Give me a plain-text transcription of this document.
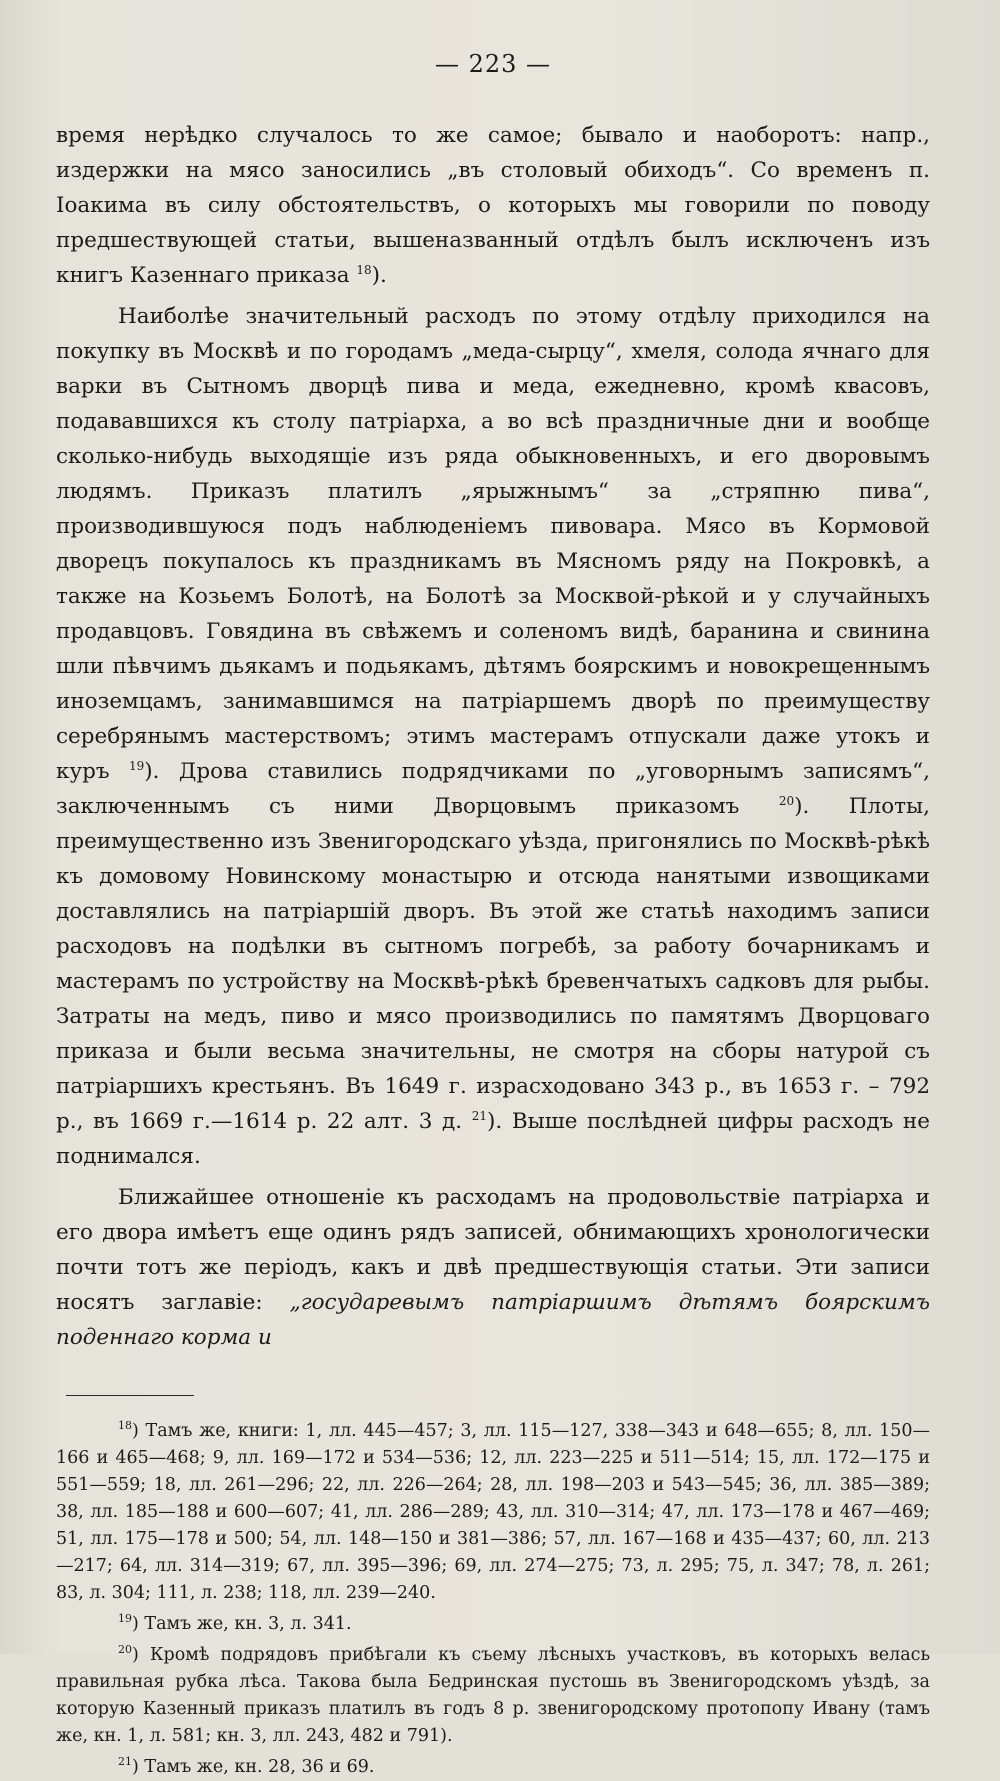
— 223 —

время нерѣдко случалось то же самое; бывало и наоборотъ: напр., издержки на мясо заносились „въ столовый обиходъ“. Со временъ п. Іоакима въ силу обстоятельствъ, о которыхъ мы говорили по поводу предшествующей статьи, вышеназванный отдѣлъ былъ исключенъ изъ книгъ Казеннаго приказа $^{18}$).

Наиболѣе значительный расходъ по этому отдѣлу приходился на покупку въ Москвѣ и по городамъ „меда-сырцу“, хмеля, солода ячнаго для варки въ Сытномъ дворцѣ пива и меда, ежедневно, кромѣ квасовъ, подававшихся къ столу патріарха, а во всѣ праздничные дни и вообще сколько-нибудь выходящіе изъ ряда обыкновенныхъ, и его дворовымъ людямъ. Приказъ платилъ „ярыжнымъ“ за „стряпню пива“, производившуюся подъ наблюденіемъ пивовара. Мясо въ Кормовой дворецъ покупалось къ праздникамъ въ Мясномъ ряду на Покровкѣ, а также на Козьемъ Болотѣ, на Болотѣ за Москвой-рѣкой и у случайныхъ продавцовъ. Говядина въ свѣжемъ и соленомъ видѣ, баранина и свинина шли пѣвчимъ дьякамъ и подьякамъ, дѣтямъ боярскимъ и новокрещеннымъ иноземцамъ, занимавшимся на патріаршемъ дворѣ по преимуществу серебрянымъ мастерствомъ; этимъ мастерамъ отпускали даже утокъ и куръ $^{19}$). Дрова ставились подрядчиками по „уговорнымъ записямъ“, заключеннымъ съ ними Дворцовымъ приказомъ $^{20}$). Плоты, преимущественно изъ Звенигородскаго уѣзда, пригонялись по Москвѣ-рѣкѣ къ домовому Новинскому монастырю и отсюда нанятыми извощиками доставлялись на патріаршій дворъ. Въ этой же статьѣ находимъ записи расходовъ на подѣлки въ сытномъ погребѣ, за работу бочарникамъ и мастерамъ по устройству на Москвѣ-рѣкѣ бревенчатыхъ садковъ для рыбы. Затраты на медъ, пиво и мясо производились по памятямъ Дворцоваго приказа и были весьма значительны, не смотря на сборы натурой съ патріаршихъ крестьянъ. Въ 1649 г. израсходовано 343 р., въ 1653 г. – 792 р., въ 1669 г.—1614 р. 22 алт. 3 д. $^{21}$). Выше послѣдней цифры расходъ не поднимался.

Ближайшее отношеніе къ расходамъ на продовольствіе патріарха и его двора имѣетъ еще одинъ рядъ записей, обнимающихъ хронологически почти тотъ же періодъ, какъ и двѣ предшествующія статьи. Эти записи носятъ заглавіе: „государевымъ патріаршимъ дѣтямъ боярскимъ поденнаго корма и

$^{18}$) Тамъ же, книги: 1, лл. 445—457; 3, лл. 115—127, 338—343 и 648—655; 8, лл. 150—166 и 465—468; 9, лл. 169—172 и 534—536; 12, лл. 223—225 и 511—514; 15, лл. 172—175 и 551—559; 18, лл. 261—296; 22, лл. 226—264; 28, лл. 198—203 и 543—545; 36, лл. 385—389; 38, лл. 185—188 и 600—607; 41, лл. 286—289; 43, лл. 310—314; 47, лл. 173—178 и 467—469; 51, лл. 175—178 и 500; 54, лл. 148—150 и 381—386; 57, лл. 167—168 и 435—437; 60, лл. 213—217; 64, лл. 314—319; 67, лл. 395—396; 69, лл. 274—275; 73, л. 295; 75, л. 347; 78, л. 261; 83, л. 304; 111, л. 238; 118, лл. 239—240.

$^{19}$) Тамъ же, кн. 3, л. 341.

$^{20}$) Кромѣ подрядовъ прибѣгали къ съему лѣсныхъ участковъ, въ которыхъ велась правильная рубка лѣса. Такова была Бедринская пустошь въ Звенигородскомъ уѣздѣ, за которую Казенный приказъ платилъ въ годъ 8 р. звенигородскому протопопу Ивану (тамъ же, кн. 1, л. 581; кн. 3, лл. 243, 482 и 791).

$^{21}$) Тамъ же, кн. 28, 36 и 69.
